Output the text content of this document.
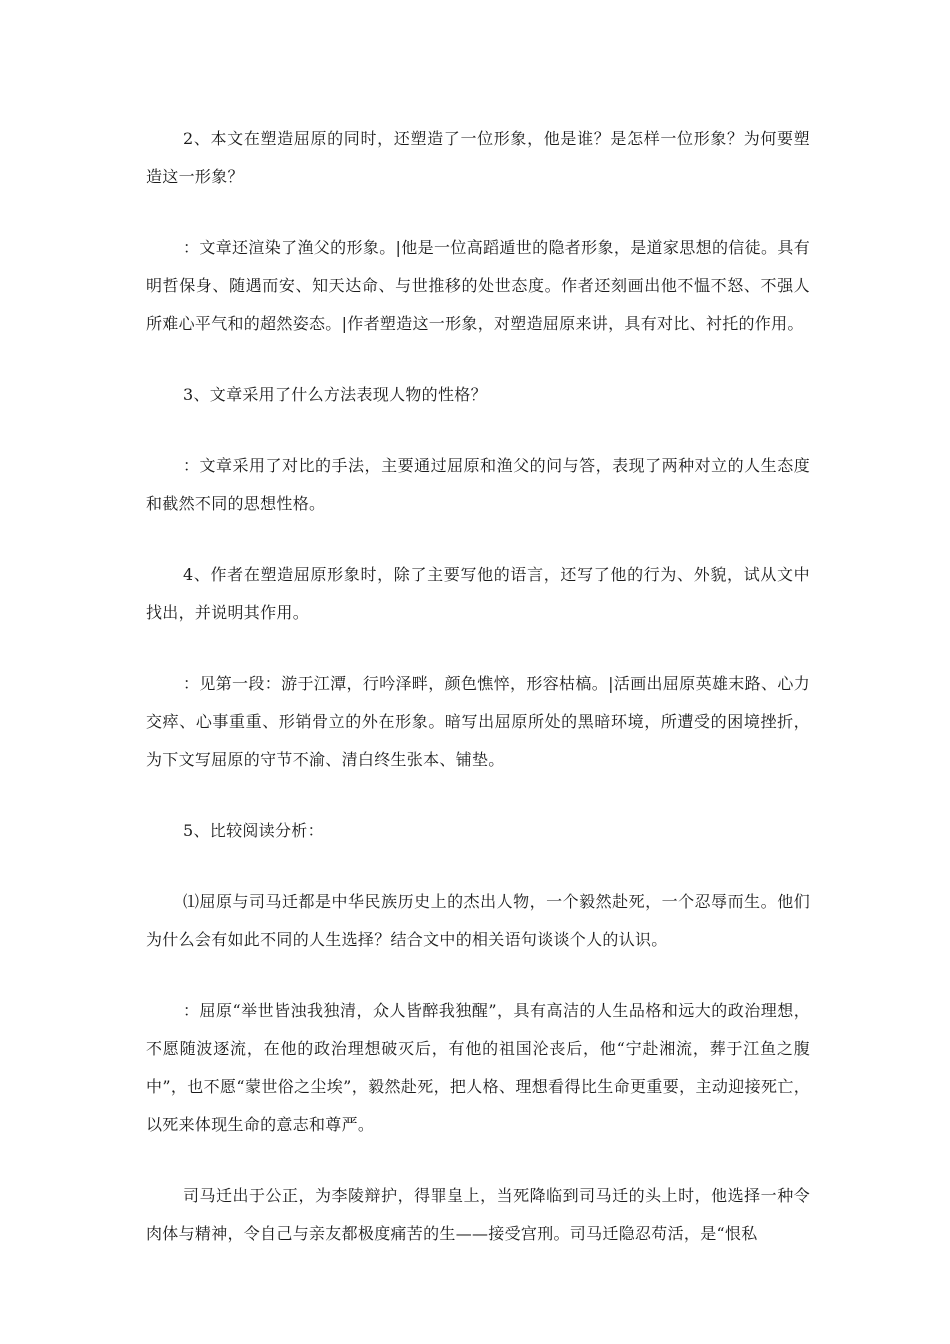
2、本文在塑造屈原的同时，还塑造了一位形象，他是谁？是怎样一位形象？为何要塑造这一形象？

：文章还渲染了渔父的形象。|他是一位高蹈遁世的隐者形象，是道家思想的信徒。具有明哲保身、随遇而安、知天达命、与世推移的处世态度。作者还刻画出他不愠不怒、不强人所难心平气和的超然姿态。|作者塑造这一形象，对塑造屈原来讲，具有对比、衬托的作用。

3、文章采用了什么方法表现人物的性格？

：文章采用了对比的手法，主要通过屈原和渔父的问与答，表现了两种对立的人生态度和截然不同的思想性格。

4、作者在塑造屈原形象时，除了主要写他的语言，还写了他的行为、外貌，试从文中找出，并说明其作用。

：见第一段：游于江潭，行吟泽畔，颜色憔悴，形容枯槁。|活画出屈原英雄末路、心力交瘁、心事重重、形销骨立的外在形象。暗写出屈原所处的黑暗环境，所遭受的困境挫折，为下文写屈原的守节不渝、清白终生张本、铺垫。

5、比较阅读分析：

⑴屈原与司马迁都是中华民族历史上的杰出人物，一个毅然赴死，一个忍辱而生。他们为什么会有如此不同的人生选择？结合文中的相关语句谈谈个人的认识。

：屈原“举世皆浊我独清，众人皆醉我独醒”，具有高洁的人生品格和远大的政治理想，不愿随波逐流，在他的政治理想破灭后，有他的祖国沦丧后，他“宁赴湘流，葬于江鱼之腹中”，也不愿“蒙世俗之尘埃”，毅然赴死，把人格、理想看得比生命更重要，主动迎接死亡，以死来体现生命的意志和尊严。

司马迁出于公正，为李陵辩护，得罪皇上，当死降临到司马迁的头上时，他选择一种令肉体与精神，令自己与亲友都极度痛苦的生——接受宫刑。司马迁隐忍苟活，是“恨私
